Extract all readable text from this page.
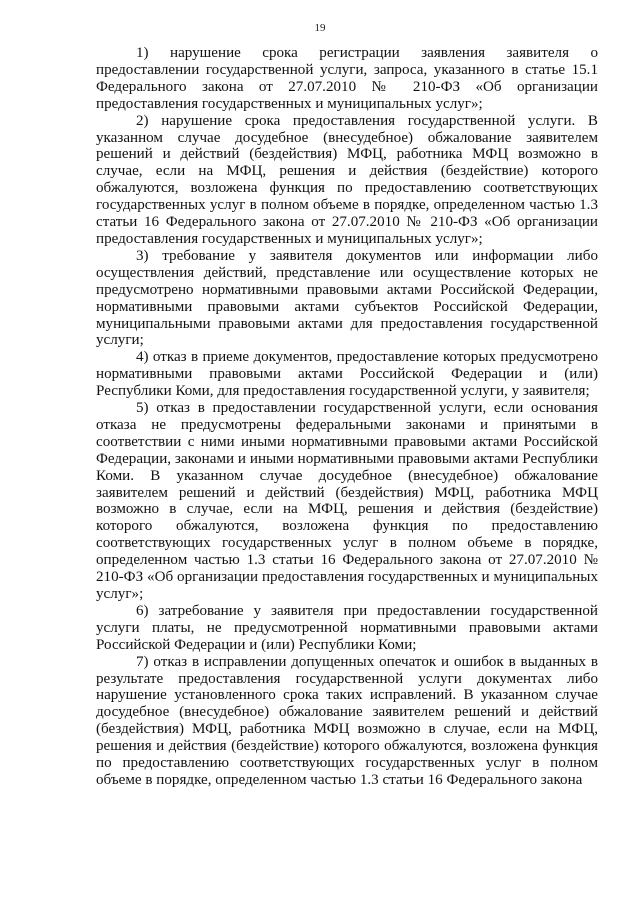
19

1) нарушение срока регистрации заявления заявителя о предоставлении государственной услуги, запроса, указанного в статье 15.1 Федерального закона от 27.07.2010 № 210-ФЗ «Об организации предоставления государственных и муниципальных услуг»;

2) нарушение срока предоставления государственной услуги. В указанном случае досудебное (внесудебное) обжалование заявителем решений и действий (бездействия) МФЦ, работника МФЦ возможно в случае, если на МФЦ, решения и действия (бездействие) которого обжалуются, возложена функция по предоставлению соответствующих государственных услуг в полном объеме в порядке, определенном частью 1.3 статьи 16 Федерального закона от 27.07.2010 № 210-ФЗ «Об организации предоставления государственных и муниципальных услуг»;

3) требование у заявителя документов или информации либо осуществления действий, представление или осуществление которых не предусмотрено нормативными правовыми актами Российской Федерации, нормативными правовыми актами субъектов Российской Федерации, муниципальными правовыми актами для предоставления государственной услуги;

4) отказ в приеме документов, предоставление которых предусмотрено нормативными правовыми актами Российской Федерации и (или) Республики Коми, для предоставления государственной услуги, у заявителя;

5) отказ в предоставлении государственной услуги, если основания отказа не предусмотрены федеральными законами и принятыми в соответствии с ними иными нормативными правовыми актами Российской Федерации, законами и иными нормативными правовыми актами Республики Коми. В указанном случае досудебное (внесудебное) обжалование заявителем решений и действий (бездействия) МФЦ, работника МФЦ возможно в случае, если на МФЦ, решения и действия (бездействие) которого обжалуются, возложена функция по предоставлению соответствующих государственных услуг в полном объеме в порядке, определенном частью 1.3 статьи 16 Федерального закона от 27.07.2010 № 210-ФЗ «Об организации предоставления государственных и муниципальных услуг»;

6) затребование у заявителя при предоставлении государственной услуги платы, не предусмотренной нормативными правовыми актами Российской Федерации и (или) Республики Коми;

7) отказ в исправлении допущенных опечаток и ошибок в выданных в результате предоставления государственной услуги документах либо нарушение установленного срока таких исправлений. В указанном случае досудебное (внесудебное) обжалование заявителем решений и действий (бездействия) МФЦ, работника МФЦ возможно в случае, если на МФЦ, решения и действия (бездействие) которого обжалуются, возложена функция по предоставлению соответствующих государственных услуг в полном объеме в порядке, определенном частью 1.3 статьи 16 Федерального закона
